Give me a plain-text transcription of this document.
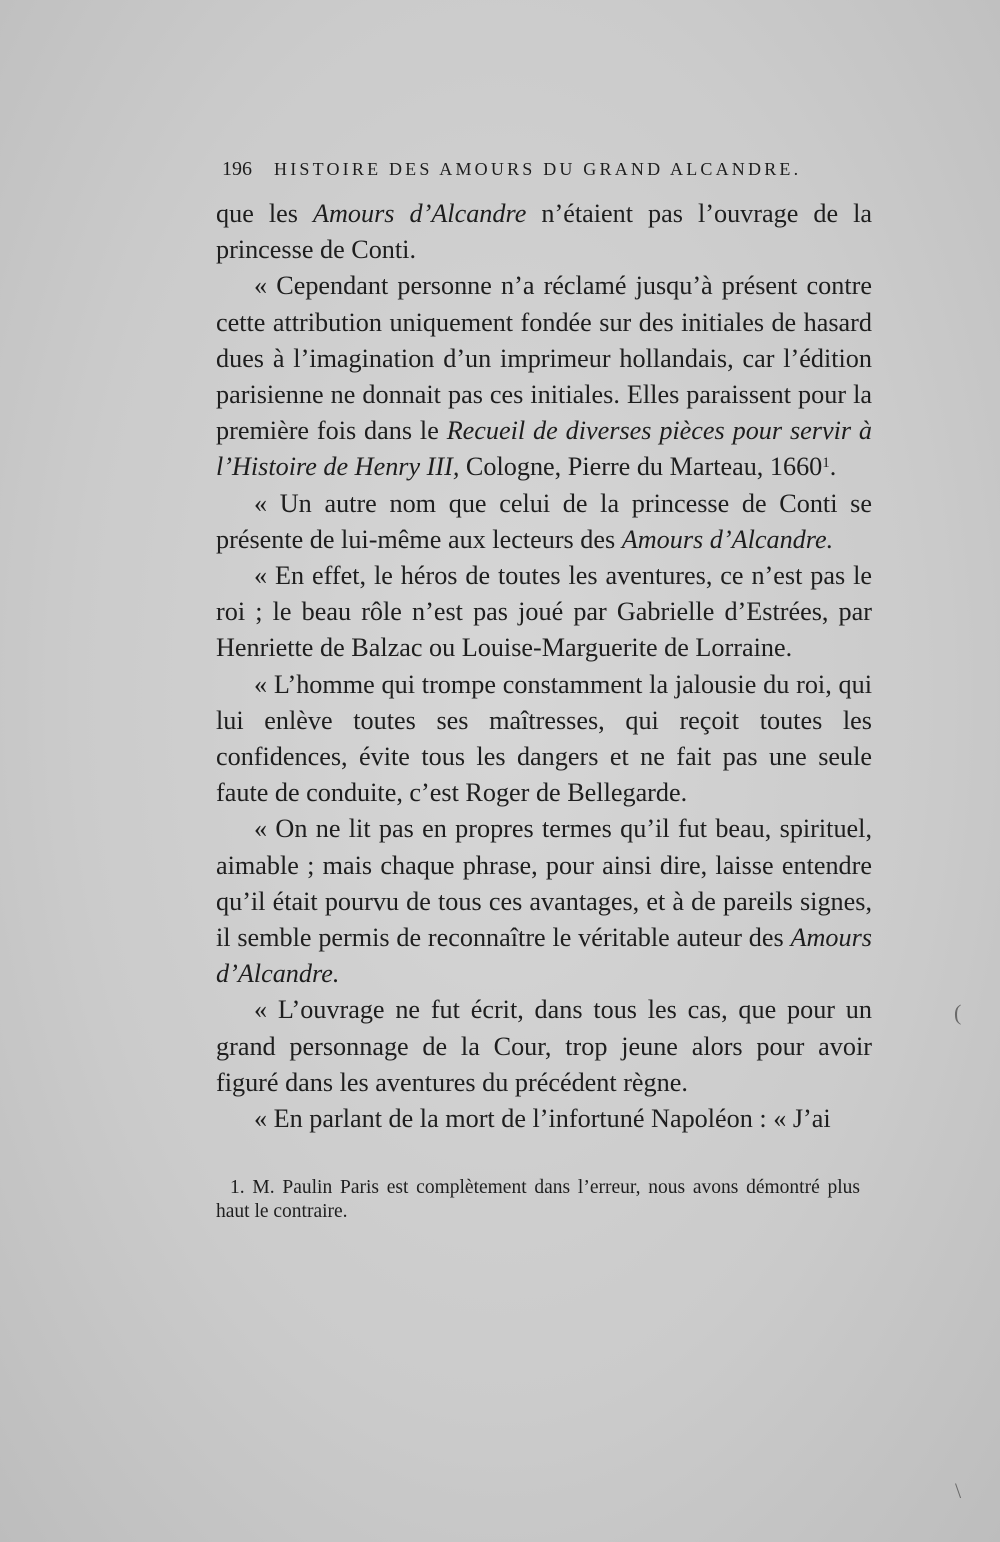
196 HISTOIRE DES AMOURS DU GRAND ALCANDRE.

que les Amours d’Alcandre n’étaient pas l’ouvrage de la princesse de Conti.

« Cependant personne n’a réclamé jusqu’à présent contre cette attribution uniquement fondée sur des initiales de hasard dues à l’imagination d’un imprimeur hollandais, car l’édition parisienne ne donnait pas ces initiales. Elles paraissent pour la première fois dans le Recueil de diverses pièces pour servir à l’Histoire de Henry III, Cologne, Pierre du Marteau, 1660$^1$.

« Un autre nom que celui de la princesse de Conti se présente de lui-même aux lecteurs des Amours d’Alcandre.

« En effet, le héros de toutes les aventures, ce n’est pas le roi ; le beau rôle n’est pas joué par Gabrielle d’Estrées, par Henriette de Balzac ou Louise-Marguerite de Lorraine.

« L’homme qui trompe constamment la jalousie du roi, qui lui enlève toutes ses maîtresses, qui reçoit toutes les confidences, évite tous les dangers et ne fait pas une seule faute de conduite, c’est Roger de Bellegarde.

« On ne lit pas en propres termes qu’il fut beau, spirituel, aimable ; mais chaque phrase, pour ainsi dire, laisse entendre qu’il était pourvu de tous ces avantages, et à de pareils signes, il semble permis de reconnaître le véritable auteur des Amours d’Alcandre.

« L’ouvrage ne fut écrit, dans tous les cas, que pour un grand personnage de la Cour, trop jeune alors pour avoir figuré dans les aventures du précédent règne.

« En parlant de la mort de l’infortuné Napoléon : « J’ai

1. M. Paulin Paris est complètement dans l’erreur, nous avons démontré plus haut le contraire.

\
(
